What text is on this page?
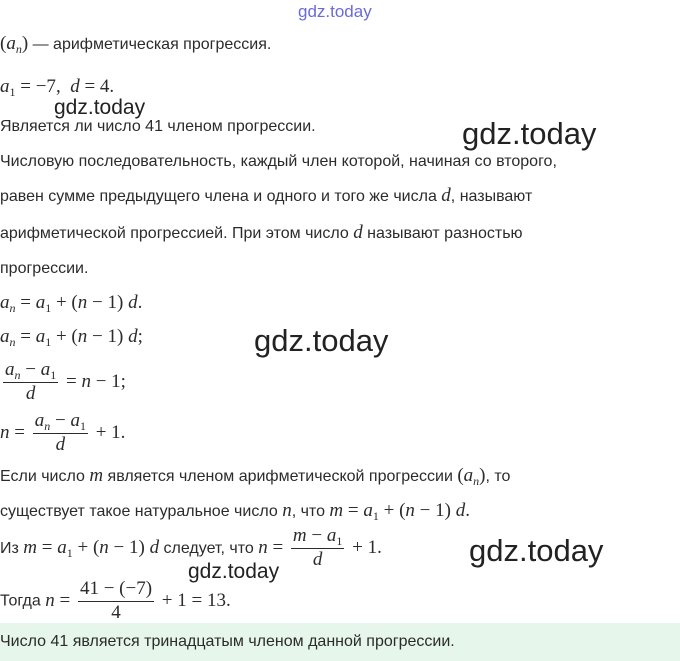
gdz.today
gdz.today
gdz.today
gdz.today
gdz.today
gdz.today
$(a_n)$ — арифметическая прогрессия.
$a_1 = -7$,  d = 4.
Является ли число 41 членом прогрессии.
Числовую последовательность, каждый член которой, начиная со второго,
равен сумме предыдущего члена и одного и того же числа d, называют
арифметической прогрессией. При этом число d называют разностью
прогрессии.
$a_n = a_1 + (n - 1)$ d.
$a_n = a_1 + (n - 1)$ d;
$\frac{a_n - a_1}{d} = n - 1$;
$n = \frac{a_n - a_1}{d} + 1$.
Если число m является членом арифметической прогрессии $(a_n)$, то
существует такое натуральное число n, что $m = a_1 + (n - 1)$ d.
Из $m = a_1 + (n - 1)$ d следует, что $n = \frac{m - a_1}{d} + 1$.
Тогда $n = \frac{41 - (-7)}{4} + 1 = 13$.
Число 41 является тринадцатым членом данной прогрессии.
